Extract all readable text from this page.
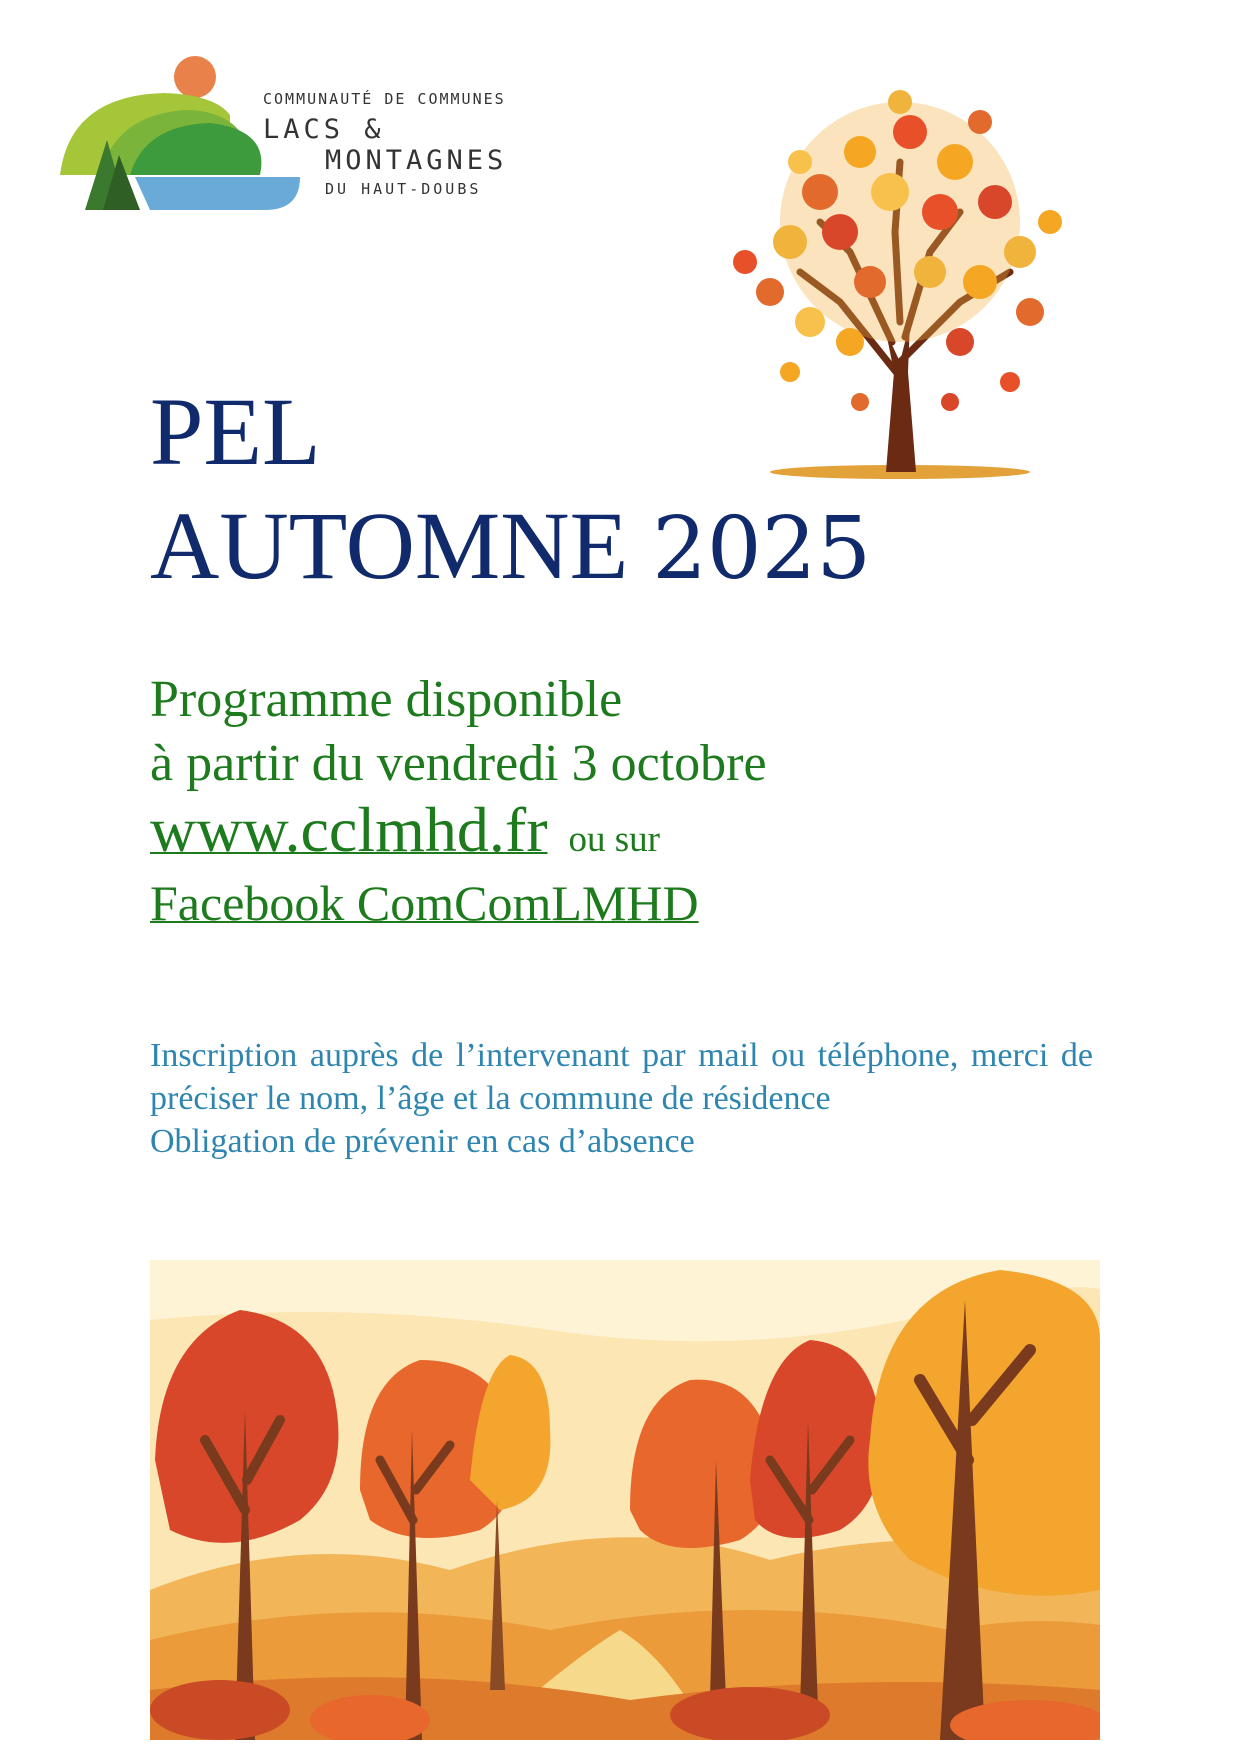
COMMUNAUTÉ DE COMMUNES
LACS &
MONTAGNES
DU HAUT-DOUBS
PEL
AUTOMNE 2025
Programme disponible
à partir du vendredi 3 octobre
www.cclmhd.fr ou sur
Facebook ComComLMHD

Inscription auprès de l’intervenant par mail ou téléphone, merci de préciser le nom, l’âge et la commune de résidence

Obligation de prévenir en cas d’absence
